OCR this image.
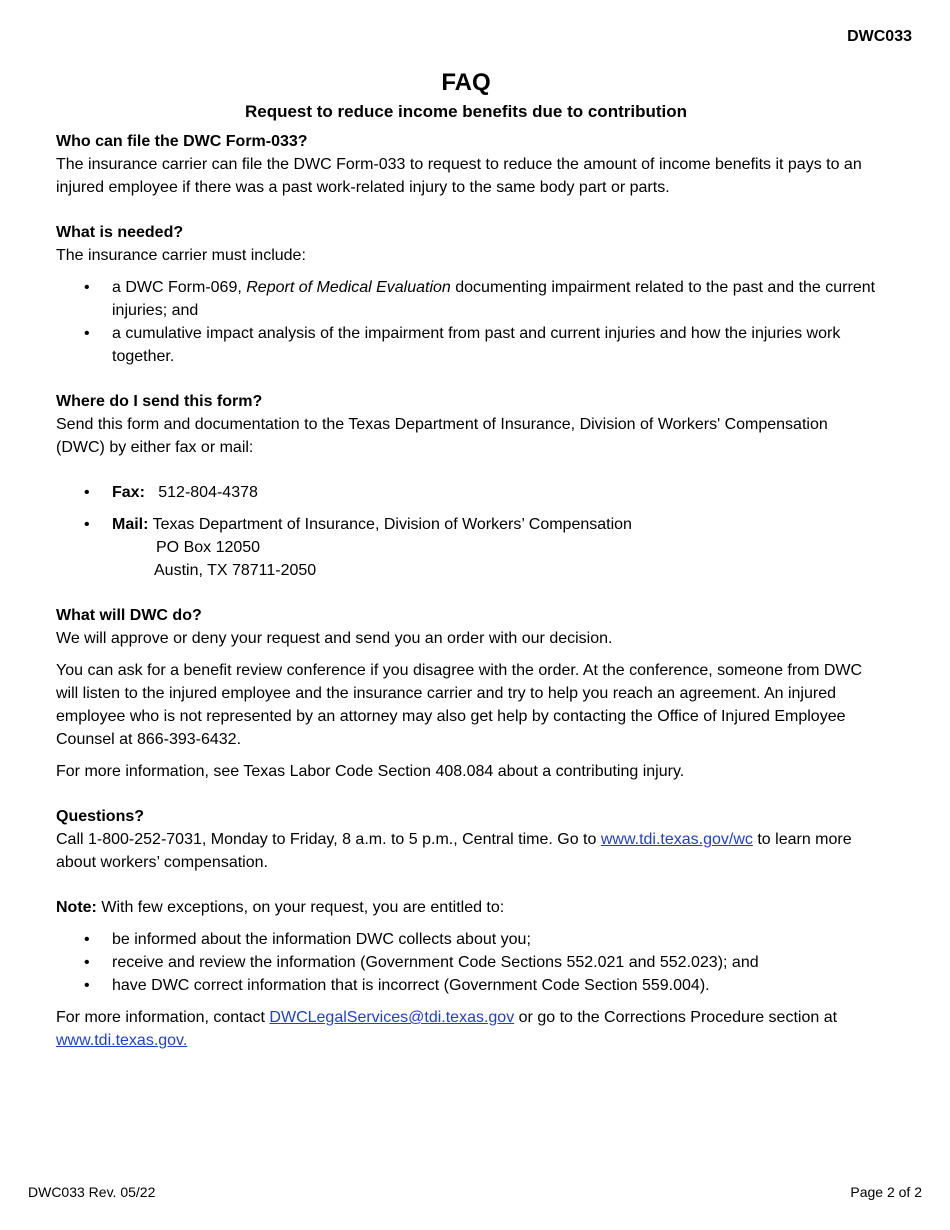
DWC033
FAQ
Request to reduce income benefits due to contribution

Who can file the DWC Form-033?

The insurance carrier can file the DWC Form-033 to request to reduce the amount of income benefits it pays to an injured employee if there was a past work-related injury to the same body part or parts.

What is needed?

The insurance carrier must include:

• a DWC Form-069, Report of Medical Evaluation documenting impairment related to the past and the current injuries; and
• a cumulative impact analysis of the impairment from past and current injuries and how the injuries work together.

Where do I send this form?

Send this form and documentation to the Texas Department of Insurance, Division of Workers' Compensation (DWC) by either fax or mail:

• Fax: 512-804-4378
• Mail: Texas Department of Insurance, Division of Workers’ Compensation

PO Box 12050

Austin, TX 78711-2050

What will DWC do?

We will approve or deny your request and send you an order with our decision.

You can ask for a benefit review conference if you disagree with the order. At the conference, someone from DWC will listen to the injured employee and the insurance carrier and try to help you reach an agreement. An injured employee who is not represented by an attorney may also get help by contacting the Office of Injured Employee Counsel at 866-393-6432.

For more information, see Texas Labor Code Section 408.084 about a contributing injury.

Questions?

Call 1-800-252-7031, Monday to Friday, 8 a.m. to 5 p.m., Central time. Go to www.tdi.texas.gov/wc to learn more about workers’ compensation.

Note: With few exceptions, on your request, you are entitled to:

• be informed about the information DWC collects about you;
• receive and review the information (Government Code Sections 552.021 and 552.023); and
• have DWC correct information that is incorrect (Government Code Section 559.004).

For more information, contact DWCLegalServices@tdi.texas.gov or go to the Corrections Procedure section at www.tdi.texas.gov.

DWC033 Rev. 05/22	Page 2 of 2
